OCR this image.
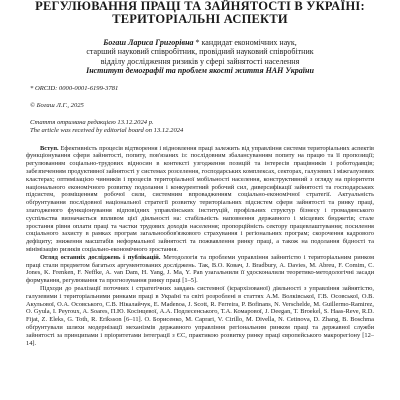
РЕГУЛЮВАННЯ ПРАЦІ ТА ЗАЙНЯТОСТІ В УКРАЇНІ:
ТЕРИТОРІАЛЬНІ АСПЕКТИ
Богаш Лариса Григорівна * кандидат економічних наук,
старший науковий співробітник, провідний науковий співробітник
відділу дослідження ризиків у сфері зайнятості населення
Інститут демографії та проблем якості життя НАН України
* ORCID: 0000-0001-6199-3781
© Богаш Л.Г., 2025
Стаття отримана редакцією 13.12.2024 р.
The article was received by editorial board on 13.12.2024

Вступ. Ефективність процесів відтворення і відновлення праці залежить від управління системи територіальних аспектів функціонування сфери зайнятості, попиту, пов'язаних із: послідовним збалансуванням попиту на працю та її пропозиції; регулюванням соціально-трудових відносин в контексті узгодження позицій та інтересів працівників і роботодавців; забезпеченням продуктивної зайнятості у системах розселення, господарських комплексах, секторах, галузевих і міжгалузевих кластерах; оптимізацією чинників і процесів територіальної мобільності населення, конструктивний з огляду на пріоритети національного економічного розвитку подолання і конкурентний робочий сил, диверсифікації зайнятості та господарських підсистем, розміщенням робочої сили, системним впровадженням соціально-економічної стратегії. Актуальність обґрунтування послідовної національної стратегії розвитку територіальних підсистем сфери зайнятості та ринку праці, злагодженого функціонування відповідних управлінських інституцій, профільних структур бізнесу і громадянського суспільства визначається впливом цієї діяльності на: стабільність наповнення державного і місцевих бюджетів; стале зростання рівня оплати праці та частки трудових доходів населення; пропорційність сектору працевлаштування; посилення соціального захисту в рамках програм загальнообов'язкового страхування і регіональних програм; скорочення кадрового дефіциту; зниження масштабів неформальної зайнятості та пожвавлення ринку праці, а також на подолання бідності та мінімізацію ризиків соціально-економічного зростання.

Огляд останніх досліджень і публікацій. Методологія та проблеми управління зайнятістю і територіальним ринком праці стали предметом багатьох аргументованих досліджень. Так, В.О. Ковач, J. Bradbury, A. Davies, M. Abreu, F. Comim, C. Jones, K. Frenken, F. Neffke, A. van Dam, H. Yang, J. Ma, Y. Pan узагальнили її удосконалили теоретико-методологічні засади формування, регулювання та прогнозування ринку праці [1–5].

Підходи до реалізації поточних і стратегічних завдань системної (ієрархізованої) діяльності з управління зайнятістю, галузевими і територіальними ринками праці в Україні та світі розроблені в статтях А.М. Волківської, Г.В. Осовської, О.В. Акульової, О.А. Осовського, С.В. Нікалайчук, Е. Madenoa, J. Scott, R. Ferreira, P. Bofinans, N. Verschelde, M. Guillermo-Ramirez, O. Gyula, I. Peyroux, A. Soares, П.Ю. Косінцевої, А.А. Подлесенського, Т.А. Комарової, J. Deegan, T. Broekel, S. Haas-Reve, R.D. Fijat, Z. Eleks, G. Toth, R. Eriksson [6–11]. О. Борисенко, M. Caprari, V. Cirillo, M. Divella, N. Cetinova, D. Zhang, B. Boschma обґрунтували шляхи модернізації механізмів державного управління регіональним ринком праці та державної служби зайнятості за принципами і пріоритетами інтеграції з ЄС, практикою розвитку ринку праці європейського макрорегіону [12–14].
